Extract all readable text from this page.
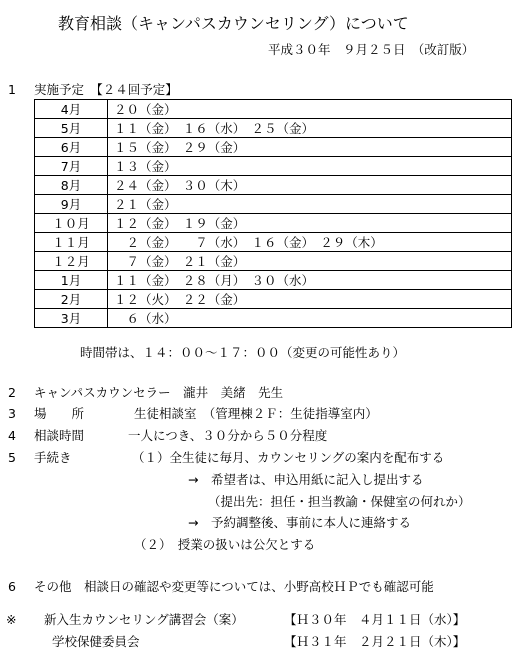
教育相談（キャンパスカウンセリング）について
平成３０年　９月２５日　（改訂版）
1 実施予定　【２４回予定】
4月	２０（金）
5月	１１（金）　１６（水）　２５（金）
6月	１５（金）　２９（金）
7月	１３（金）
8月	２４（金）　３０（木）
9月	２１（金）
１０月	１２（金）　１９（金）
１１月	　２（金）　　７（水）　１６（金）　２９（木）
１２月	　７（金）　２１（金）
1月	１１（金）　２８（月）　３０（水）
2月	１２（火）　２２（金）
3月	　６（水）
時間帯は、１４：００～１７：００（変更の可能性あり）
2 キャンパスカウンセラー　瀧井　美緒　先生
3 場　　所	生徒相談室　（管理棟２Ｆ：生徒指導室内）
4 相談時間	一人につき、３０分から５０分程度
5 手続き	（１）全生徒に毎月、カウンセリングの案内を配布する
→　希望者は、申込用紙に記入し提出する
（提出先：担任・担当教諭・保健室の何れか）
→　予約調整後、事前に本人に連絡する
（２）　授業の扱いは公欠とする
6 その他　相談日の確認や変更等については、小野高校ＨＰでも確認可能
※ 新入生カウンセリング講習会（案）	【Ｈ３０年　４月１１日（水）】
学校保健委員会	【Ｈ３１年　２月２１日（木）】
